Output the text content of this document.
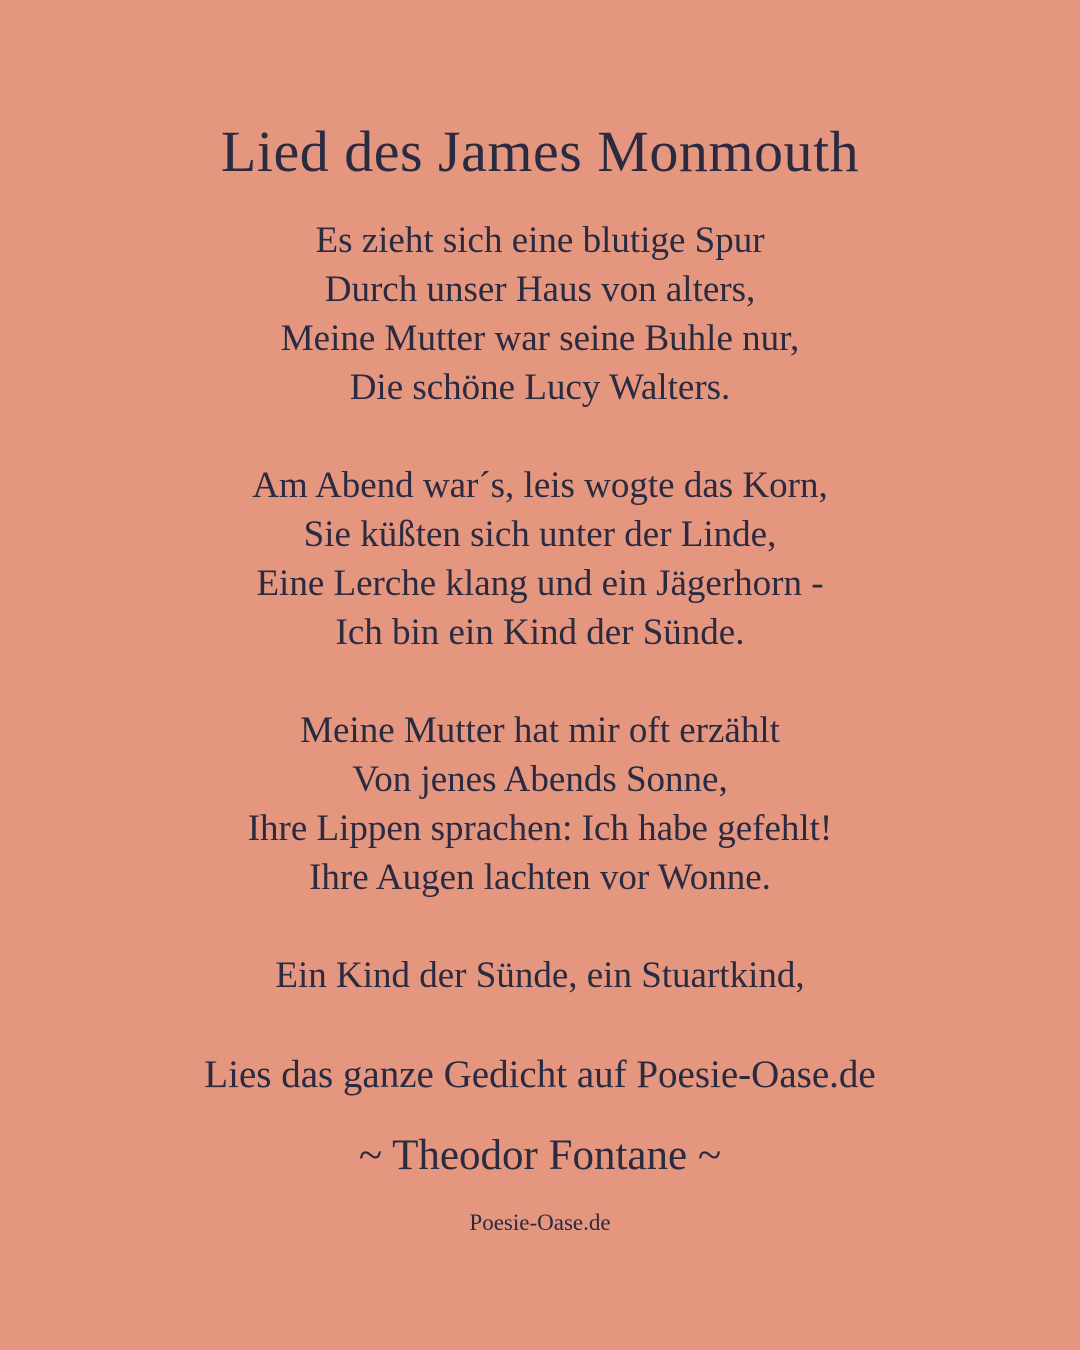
Lied des James Monmouth
Es zieht sich eine blutige Spur
Durch unser Haus von alters,
Meine Mutter war seine Buhle nur,
Die schöne Lucy Walters.
Am Abend war´s, leis wogte das Korn,
Sie küßten sich unter der Linde,
Eine Lerche klang und ein Jägerhorn -
Ich bin ein Kind der Sünde.
Meine Mutter hat mir oft erzählt
Von jenes Abends Sonne,
Ihre Lippen sprachen: Ich habe gefehlt!
Ihre Augen lachten vor Wonne.
Ein Kind der Sünde, ein Stuartkind,
Lies das ganze Gedicht auf Poesie-Oase.de
~ Theodor Fontane ~
Poesie-Oase.de
